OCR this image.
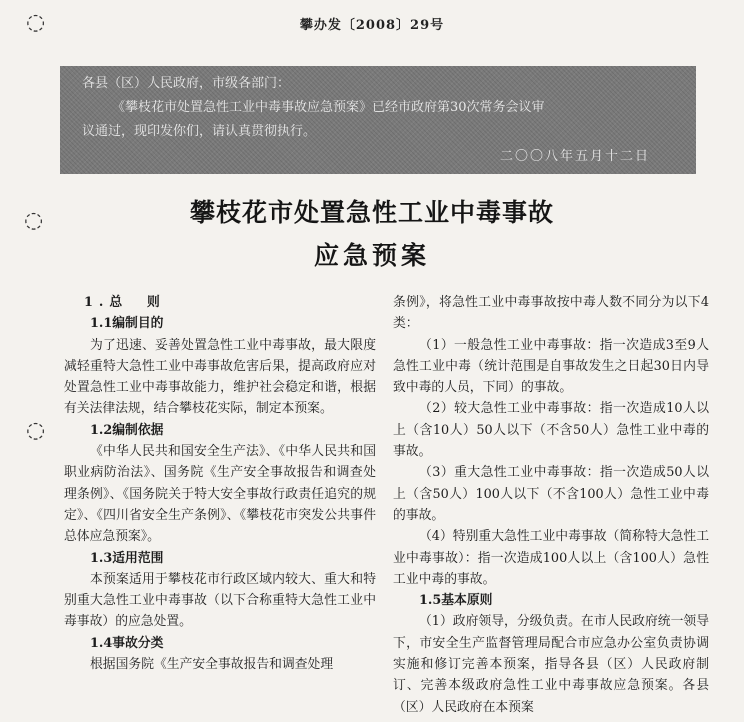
◌
◌
◌
攀办发〔2008〕29号
各县（区）人民政府，市级各部门：
《攀枝花市处置急性工业中毒事故应急预案》已经市政府第30次常务会议审
议通过，现印发你们，请认真贯彻执行。
二〇〇八年五月十二日
攀枝花市处置急性工业中毒事故
应急预案

1.总　则

1.1编制目的

为了迅速、妥善处置急性工业中毒事故，最大限度减轻重特大急性工业中毒事故危害后果，提高政府应对处置急性工业中毒事故能力，维护社会稳定和谐，根据有关法律法规，结合攀枝花实际，制定本预案。

1.2编制依据

《中华人民共和国安全生产法》、《中华人民共和国职业病防治法》、国务院《生产安全事故报告和调查处理条例》、《国务院关于特大安全事故行政责任追究的规定》、《四川省安全生产条例》、《攀枝花市突发公共事件总体应急预案》。

1.3适用范围

本预案适用于攀枝花市行政区域内较大、重大和特别重大急性工业中毒事故（以下合称重特大急性工业中毒事故）的应急处置。

1.4事故分类

根据国务院《生产安全事故报告和调查处理

条例》，将急性工业中毒事故按中毒人数不同分为以下4类：

（1）一般急性工业中毒事故：指一次造成3至9人急性工业中毒（统计范围是自事故发生之日起30日内导致中毒的人员，下同）的事故。

（2）较大急性工业中毒事故：指一次造成10人以上（含10人）50人以下（不含50人）急性工业中毒的事故。

（3）重大急性工业中毒事故：指一次造成50人以上（含50人）100人以下（不含100人）急性工业中毒的事故。

（4）特别重大急性工业中毒事故（简称特大急性工业中毒事故）：指一次造成100人以上（含100人）急性工业中毒的事故。

1.5基本原则

（1）政府领导，分级负责。在市人民政府统一领导下，市安全生产监督管理局配合市应急办公室负责协调实施和修订完善本预案，指导各县（区）人民政府制订、完善本级政府急性工业中毒事故应急预案。各县（区）人民政府在本预案
